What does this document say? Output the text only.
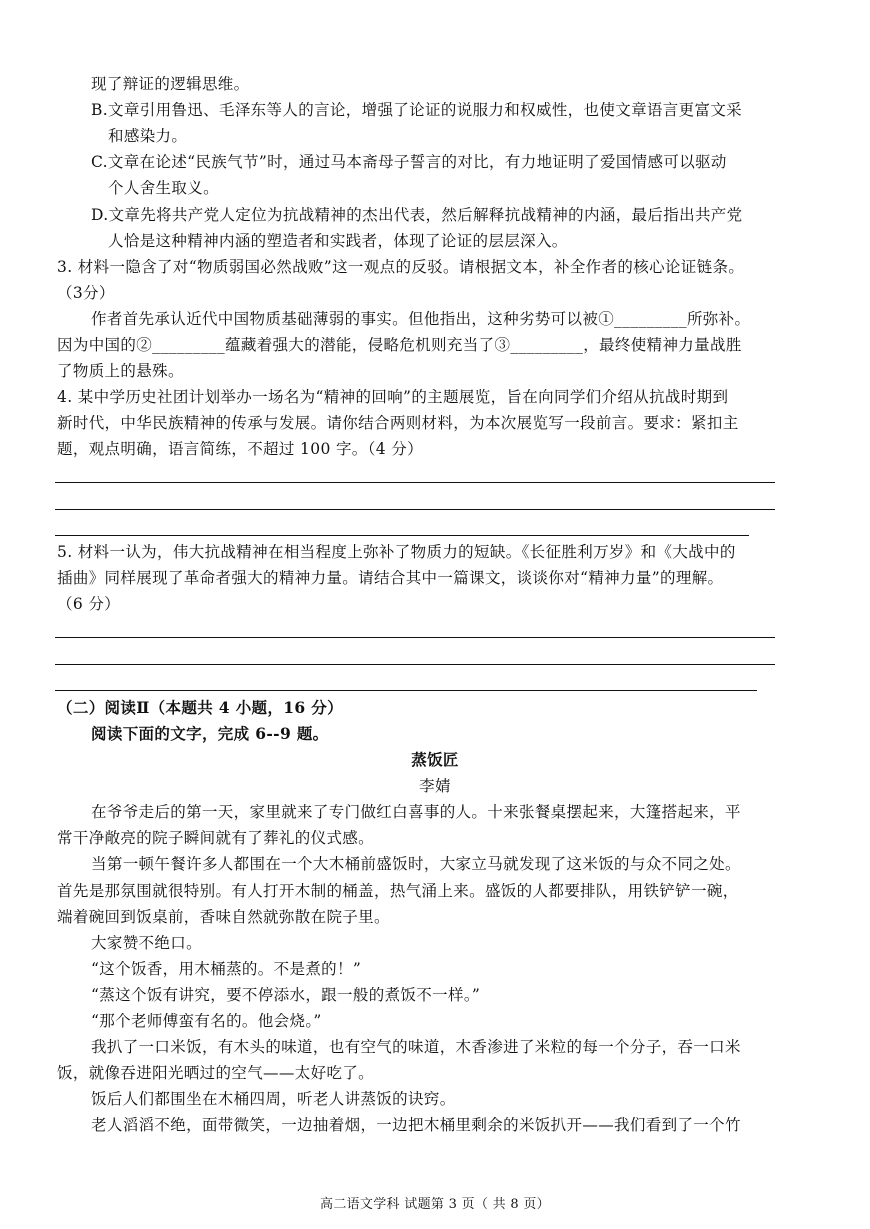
现了辩证的逻辑思维。
B.文章引用鲁迅、毛泽东等人的言论，增强了论证的说服力和权威性，也使文章语言更富文采
和感染力。
C.文章在论述“民族气节”时，通过马本斋母子誓言的对比，有力地证明了爱国情感可以驱动
个人舍生取义。
D.文章先将共产党人定位为抗战精神的杰出代表，然后解释抗战精神的内涵，最后指出共产党
人恰是这种精神内涵的塑造者和实践者，体现了论证的层层深入。
3. 材料一隐含了对“物质弱国必然战败”这一观点的反驳。请根据文本，补全作者的核心论证链条。
（3分）
作者首先承认近代中国物质基础薄弱的事实。但他指出，这种劣势可以被①_________所弥补。
因为中国的②_________蕴藏着强大的潜能，侵略危机则充当了③_________，最终使精神力量战胜
了物质上的悬殊。
4. 某中学历史社团计划举办一场名为“精神的回响”的主题展览，旨在向同学们介绍从抗战时期到
新时代，中华民族精神的传承与发展。请你结合两则材料，为本次展览写一段前言。要求：紧扣主
题，观点明确，语言简练，不超过 100 字。（4 分）
5. 材料一认为，伟大抗战精神在相当程度上弥补了物质力的短缺。《长征胜利万岁》和《大战中的
插曲》同样展现了革命者强大的精神力量。请结合其中一篇课文，谈谈你对“精神力量”的理解。
（6 分）
（二）阅读Ⅱ（本题共 4 小题，16 分）
阅读下面的文字，完成 6--9 题。
蒸饭匠
李婧
在爷爷走后的第一天，家里就来了专门做红白喜事的人。十来张餐桌摆起来，大篷搭起来，平
常干净敞亮的院子瞬间就有了葬礼的仪式感。
当第一顿午餐许多人都围在一个大木桶前盛饭时，大家立马就发现了这米饭的与众不同之处。
首先是那氛围就很特别。有人打开木制的桶盖，热气涌上来。盛饭的人都要排队，用铁铲铲一碗，
端着碗回到饭桌前，香味自然就弥散在院子里。
大家赞不绝口。
“这个饭香，用木桶蒸的。不是煮的！”
“蒸这个饭有讲究，要不停添水，跟一般的煮饭不一样。”
“那个老师傅蛮有名的。他会烧。”
我扒了一口米饭，有木头的味道，也有空气的味道，木香渗进了米粒的每一个分子，吞一口米
饭，就像吞进阳光晒过的空气——太好吃了。
饭后人们都围坐在木桶四周，听老人讲蒸饭的诀窍。
老人滔滔不绝，面带微笑，一边抽着烟，一边把木桶里剩余的米饭扒开——我们看到了一个竹
高二语文学科 试题第 3 页（ 共 8 页）
